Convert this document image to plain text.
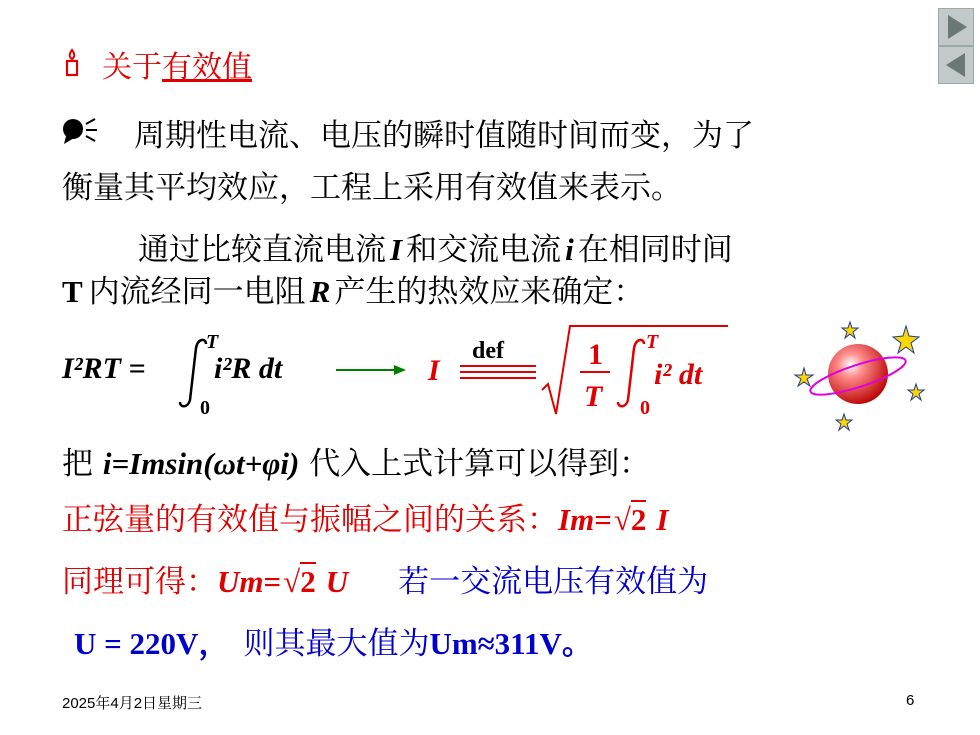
关于有效值
周期性电流、电压的瞬时值随时间而变，为了
衡量其平均效应，工程上采用有效值来表示。
通过比较直流电流 I 和交流电流 i 在相同时间
T 内流经同一电阻 R 产生的热效应来确定：
I²RT =
T
0
i²R dt	I
def	1
T
T
0
i² dt
把 i=Imsin(ωt+φi) 代入上式计算可以得到：
正弦量的有效值与振幅之间的关系：Im=√2 I
同理可得：Um=√2 U 若一交流电压有效值为
U = 220V， 则其最大值为Um≈311V。
2025年4月2日星期三	6
